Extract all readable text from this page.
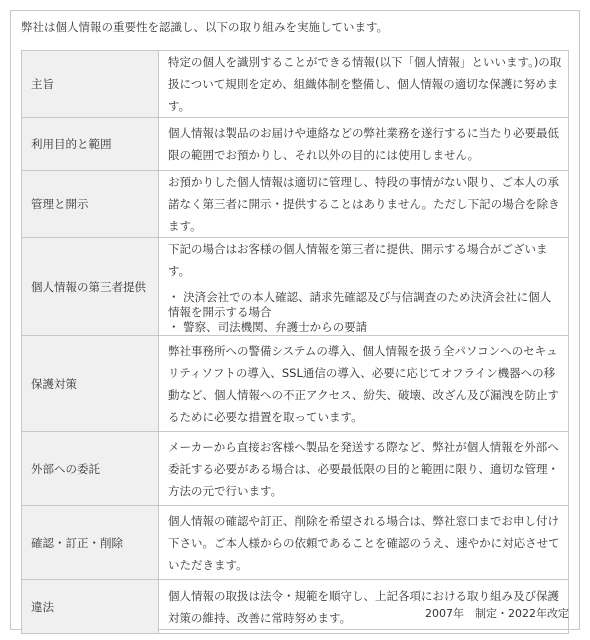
弊社は個人情報の重要性を認識し、以下の取り組みを実施しています。
主旨	特定の個人を識別することができる情報(以下「個人情報」といいます。)の取扱について規則を定め、組織体制を整備し、個人情報の適切な保護に努めます。

利用目的と範囲	個人情報は製品のお届けや連絡などの弊社業務を遂行するに当たり必要最低限の範囲でお預かりし、それ以外の目的には使用しません。

管理と開示	お預かりした個人情報は適切に管理し、特段の事情がない限り、ご本人の承諾なく第三者に開示・提供することはありません。ただし下記の場合を除きます。

個人情報の第三者提供	下記の場合はお客様の個人情報を第三者に提供、開示する場合がございます。
・ 決済会社での本人確認、請求先確認及び与信調査のため決済会社に個人情報を開示する場合
・ 警察、司法機関、弁護士からの要請

保護対策	弊社事務所への警備システムの導入、個人情報を扱う全パソコンへのセキュリティソフトの導入、SSL通信の導入、必要に応じてオフライン機器への移動など、個人情報への不正アクセス、紛失、破壊、改ざん及び漏洩を防止するために必要な措置を取っています。

外部への委託	メーカーから直接お客様へ製品を発送する際など、弊社が個人情報を外部へ委託する必要がある場合は、必要最低限の目的と範囲に限り、適切な管理・方法の元で行います。

確認・訂正・削除	個人情報の確認や訂正、削除を希望される場合は、弊社窓口までお申し付け下さい。ご本人様からの依頼であることを確認のうえ、速やかに対応させていただきます。

違法	個人情報の取扱は法令・規範を順守し、上記各項における取り組み及び保護対策の維持、改善に常時努めます。	2007年　制定・2022年改定
